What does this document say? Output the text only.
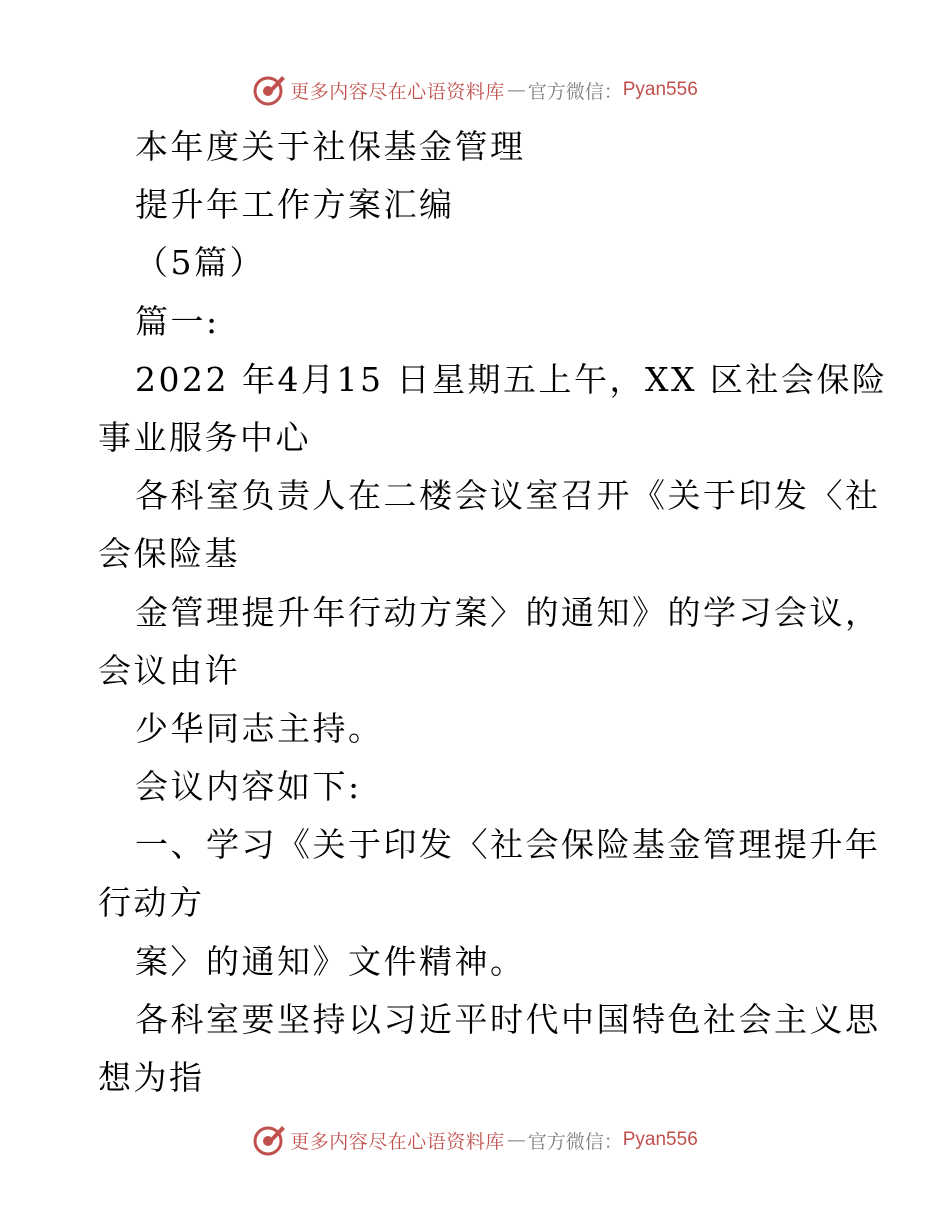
更多内容尽在心语资料库 — 官方微信： Pyan556
本年度关于社保基金管理
提升年工作方案汇编
（5篇）
篇一:
2022 年4月15 日星期五上午，XX 区社会保险
事业服务中心
各科室负责人在二楼会议室召开《关于印发〈社
会保险基
金管理提升年行动方案〉的通知》的学习会议，
会议由许
少华同志主持。
会议内容如下:
一、学习《关于印发〈社会保险基金管理提升年
行动方
案〉的通知》文件精神。
各科室要坚持以习近平时代中国特色社会主义思
想为指
更多内容尽在心语资料库 — 官方微信： Pyan556
